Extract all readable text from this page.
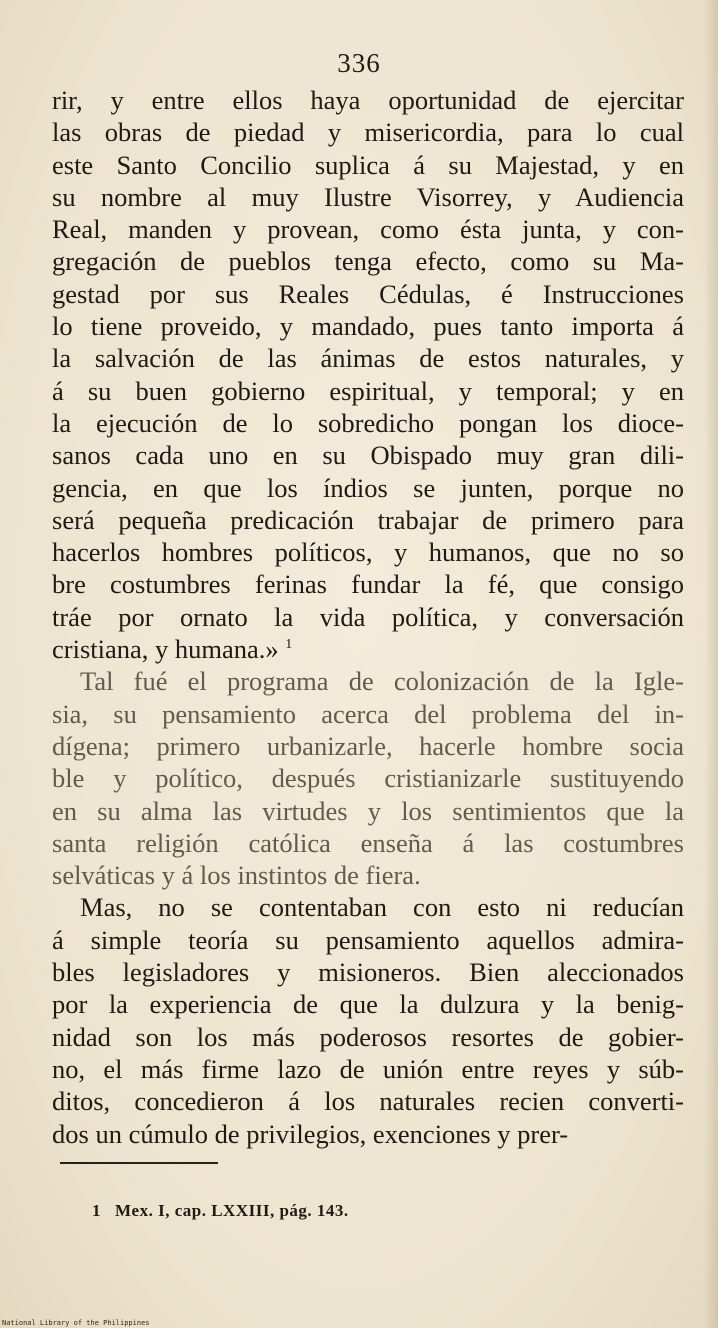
336
rir, y entre ellos haya oportunidad de ejercitar
las obras de piedad y misericordia, para lo cual
este Santo Concilio suplica á su Majestad, y en
su nombre al muy Ilustre Visorrey, y Audiencia
Real, manden y provean, como ésta junta, y con-
gregación de pueblos tenga efecto, como su Ma-
gestad por sus Reales Cédulas, é Instrucciones
lo tiene proveido, y mandado, pues tanto importa á
la salvación de las ánimas de estos naturales, y
á su buen gobierno espiritual, y temporal; y en
la ejecución de lo sobredicho pongan los dioce-
sanos cada uno en su Obispado muy gran dili-
gencia, en que los índios se junten, porque no
será pequeña predicación trabajar de primero para
hacerlos hombres políticos, y humanos, que no so
bre costumbres ferinas fundar la fé, que consigo
tráe por ornato la vida política, y conversación
cristiana, y humana.» $^1$
Tal fué el programa de colonización de la Igle-
sia, su pensamiento acerca del problema del in-
dígena; primero urbanizarle, hacerle hombre socia
ble y político, después cristianizarle sustituyendo
en su alma las virtudes y los sentimientos que la
santa religión católica enseña á las costumbres
selváticas y á los instintos de fiera.
Mas, no se contentaban con esto ni reducían
á simple teoría su pensamiento aquellos admira-
bles legisladores y misioneros. Bien aleccionados
por la experiencia de que la dulzura y la benig-
nidad son los más poderosos resortes de gobier-
no, el más firme lazo de unión entre reyes y súb-
ditos, concedieron á los naturales recien converti-
dos un cúmulo de privilegios, exenciones y prer-
1 Mex. I, cap. LXXIII, pág. 143.
National Library of the Philippines
